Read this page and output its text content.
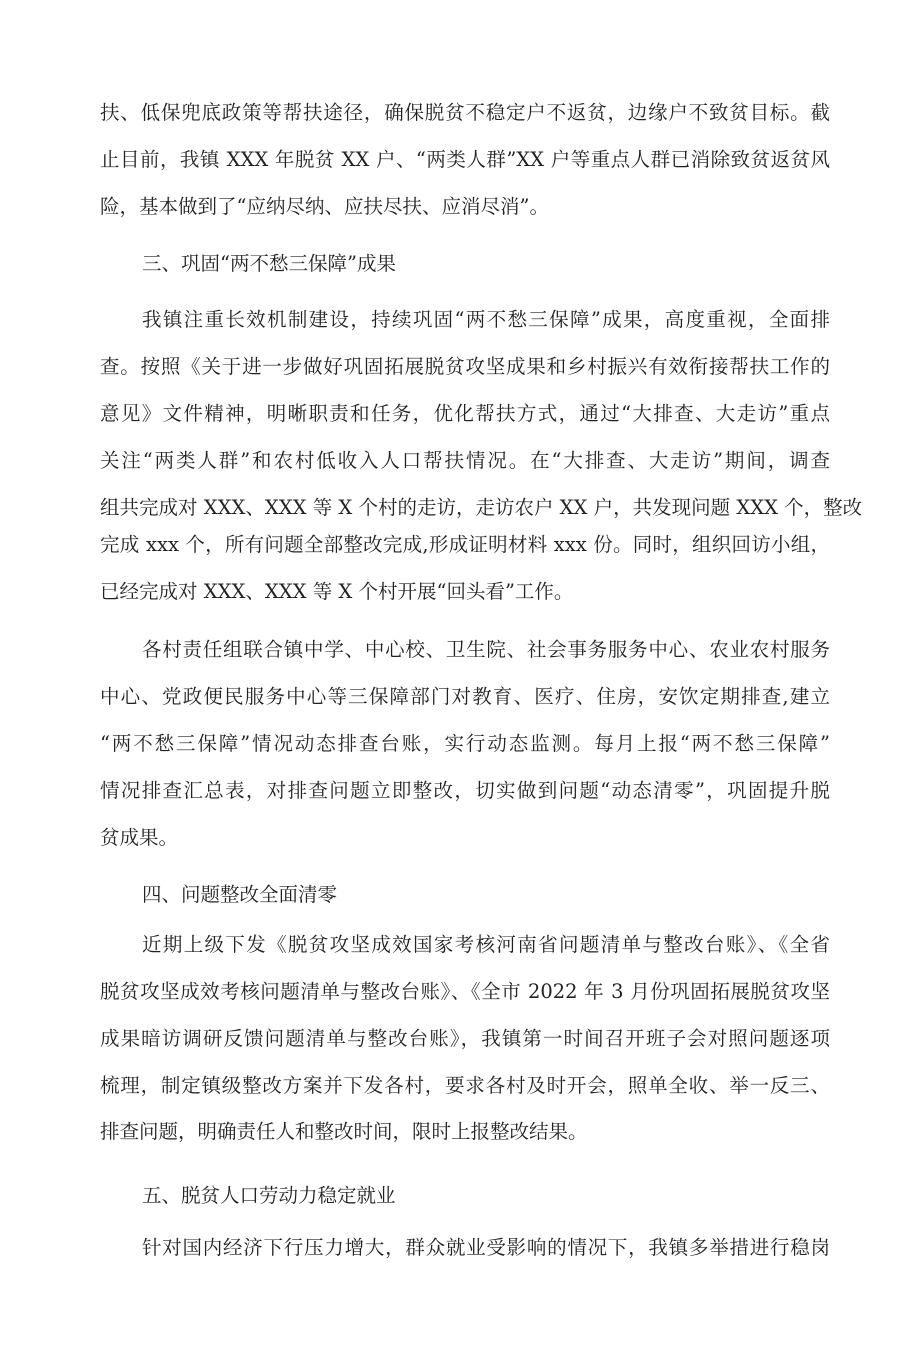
扶、低保兜底政策等帮扶途径，确保脱贫不稳定户不返贫，边缘户不致贫目标。截
止目前，我镇 XXX 年脱贫 XX 户、“两类人群”XX 户等重点人群已消除致贫返贫风
险，基本做到了“应纳尽纳、应扶尽扶、应消尽消”。
三、巩固“两不愁三保障”成果
我镇注重长效机制建设，持续巩固“两不愁三保障”成果，高度重视，全面排
查。按照《关于进一步做好巩固拓展脱贫攻坚成果和乡村振兴有效衔接帮扶工作的
意见》文件精神，明晰职责和任务，优化帮扶方式，通过“大排查、大走访”重点
关注“两类人群”和农村低收入人口帮扶情况。在“大排查、大走访”期间，调查
组共完成对 XXX、XXX 等 X 个村的走访，走访农户 XX 户，共发现问题 XXX 个，整改
完成 xxx 个，所有问题全部整改完成,形成证明材料 xxx 份。同时，组织回访小组，
已经完成对 XXX、XXX 等 X 个村开展“回头看”工作。
各村责任组联合镇中学、中心校、卫生院、社会事务服务中心、农业农村服务
中心、党政便民服务中心等三保障部门对教育、医疗、住房，安饮定期排查,建立
“两不愁三保障”情况动态排查台账，实行动态监测。每月上报“两不愁三保障”
情况排查汇总表，对排查问题立即整改，切实做到问题“动态清零”，巩固提升脱
贫成果。
四、问题整改全面清零
近期上级下发《脱贫攻坚成效国家考核河南省问题清单与整改台账》、《全省
脱贫攻坚成效考核问题清单与整改台账》、《全市 2022 年 3 月份巩固拓展脱贫攻坚
成果暗访调研反馈问题清单与整改台账》，我镇第一时间召开班子会对照问题逐项
梳理，制定镇级整改方案并下发各村，要求各村及时开会，照单全收、举一反三、
排查问题，明确责任人和整改时间，限时上报整改结果。
五、脱贫人口劳动力稳定就业
针对国内经济下行压力增大，群众就业受影响的情况下，我镇多举措进行稳岗
